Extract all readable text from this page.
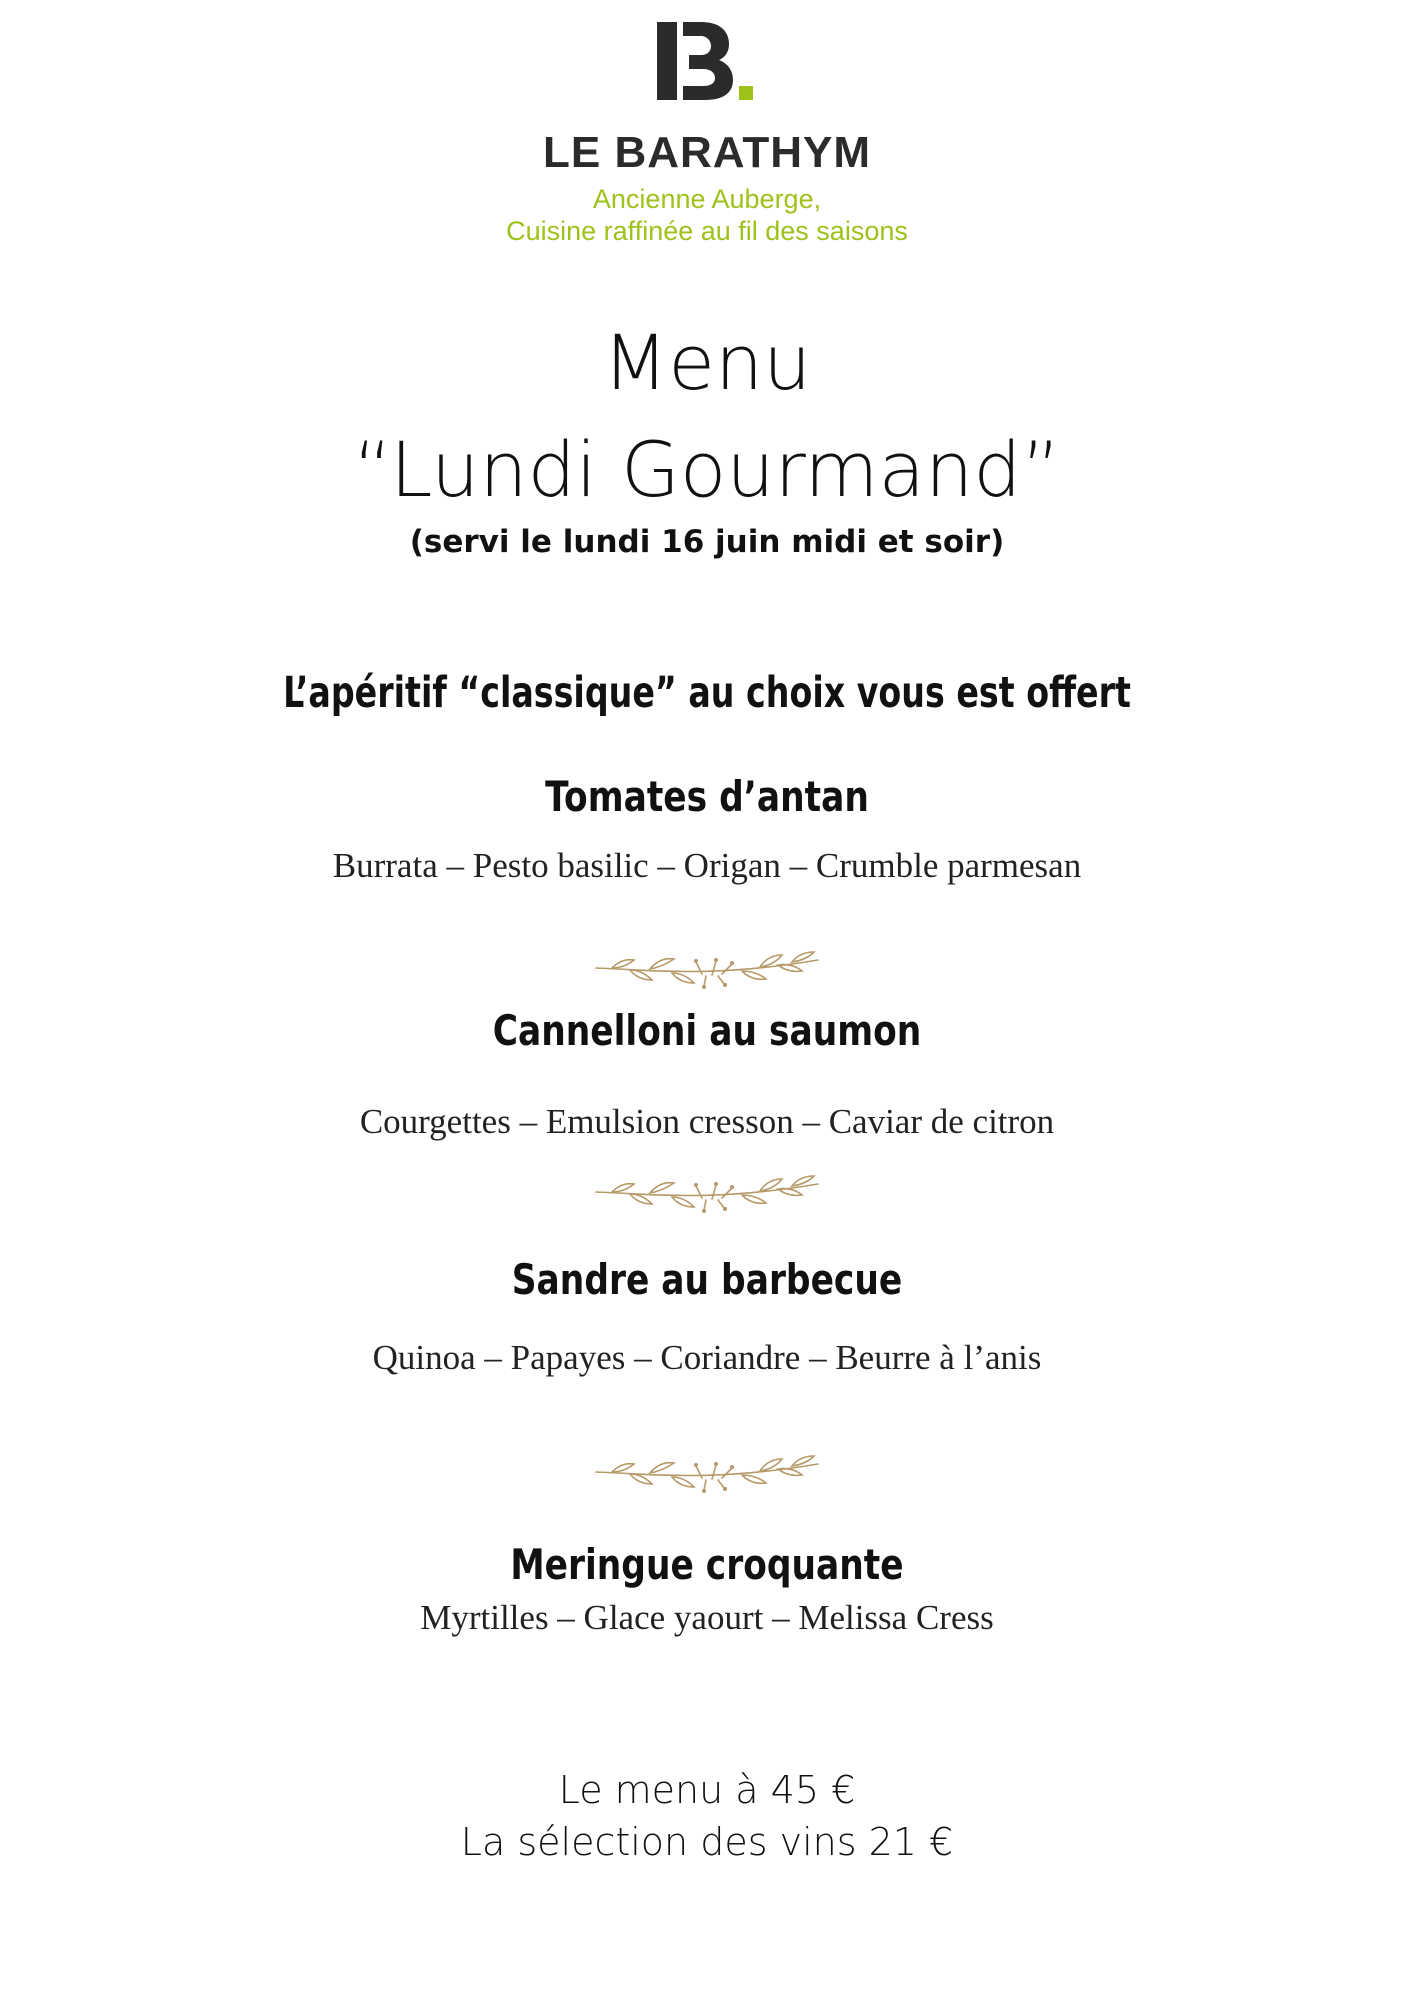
LE BARATHYM
Ancienne Auberge,
Cuisine raffinée au fil des saisons
Menu
“Lundi Gourmand”
(servi le lundi 16 juin midi et soir)
L’apéritif “classique” au choix vous est offert
Tomates d’antan
Burrata – Pesto basilic – Origan – Crumble parmesan
Cannelloni au saumon
Courgettes – Emulsion cresson – Caviar de citron
Sandre au barbecue
Quinoa – Papayes – Coriandre – Beurre à l’anis
Meringue croquante
Myrtilles – Glace yaourt – Melissa Cress
Le menu à 45 €
La sélection des vins 21 €
